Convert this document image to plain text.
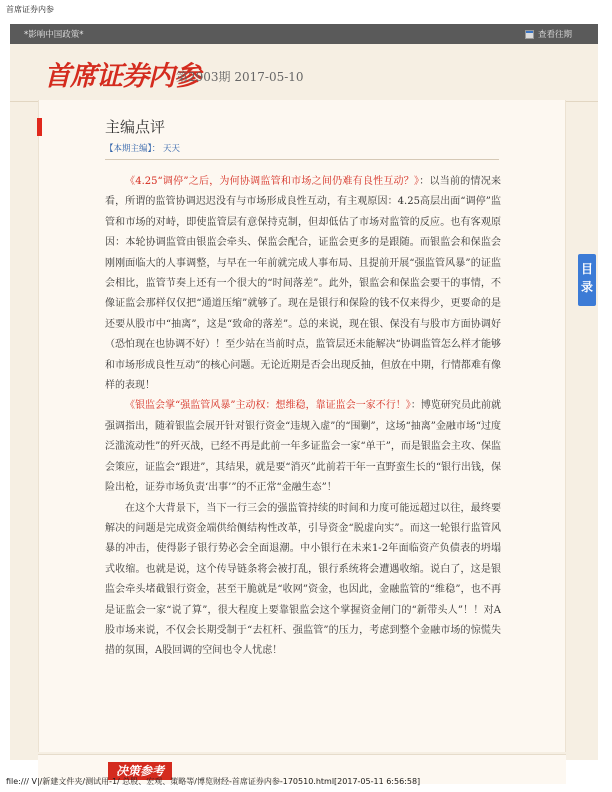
首席证券内参
*影响中国政策*	查看往期
首席证券内参
第2903期 2017-05-10
主编点评
【本期主编】： 天天

《4.25“调停”之后，为何协调监管和市场之间仍难有良性互动？》：以当前的情况来看，所谓的监管协调迟迟没有与市场形成良性互动，有主观原因：4.25高层出面“调停”监管和市场的对峙，即使监管层有意保持克制，但却低估了市场对监管的反应。也有客观原因：本轮协调监管由银监会牵头、保监会配合，证监会更多的是跟随。而银监会和保监会刚刚面临大的人事调整，与早在一年前就完成人事布局、且提前开展“强监管风暴”的证监会相比，监管节奏上还有一个很大的“时间落差”。此外，银监会和保监会要干的事情，不像证监会那样仅仅把“通道压缩”就够了。现在是银行和保险的钱不仅来得少，更要命的是还要从股市中“抽离”，这是“致命的落差”。总的来说，现在银、保没有与股市方面协调好（恐怕现在也协调不好）！至少站在当前时点，监管层还未能解决“协调监管怎么样才能够和市场形成良性互动”的核心问题。无论近期是否会出现反抽，但放在中期，行情都难有像样的表现！

《银监会掌“强监管风暴”主动权：想维稳，靠证监会一家不行！》：博览研究员此前就强调指出，随着银监会展开针对银行资金“违规入虚”的“围剿”，这场“抽离”金融市场“过度泛滥流动性”的歼灭战，已经不再是此前一年多证监会一家“单干”，而是银监会主攻、保监会策应，证监会“跟进”，其结果，就是要“消灭”此前若干年一直野蛮生长的“银行出钱，保险出枪，证券市场负责‘出事’”的不正常“金融生态”！

在这个大背景下，当下一行三会的强监管持续的时间和力度可能远超过以往，最终要解决的问题是完成资金端供给侧结构性改革，引导资金“脱虚向实”。而这一轮银行监管风暴的冲击，使得影子银行势必会全面退潮。中小银行在未来1-2年面临资产负债表的坍塌式收缩。也就是说，这个传导链条将会被打乱，银行系统将会遭遇收缩。说白了，这是银监会牵头堵截银行资金，甚至干脆就是“收网”资金，也因此，金融监管的“维稳”，也不再是证监会一家“说了算”，很大程度上要靠银监会这个掌握资金闸门的“新带头人”！！对A股市场来说，不仅会长期受制于“去杠杆、强监管”的压力，考虑到整个金融市场的惊慌失措的氛围，A股回调的空间也令人忧虑！

决策参考
目录
file:/// V|/新建文件夹/测试用-1/ 总股、宏观、策略等/博览财经-首席证券内参-170510.html[2017-05-11 6:56:58]
